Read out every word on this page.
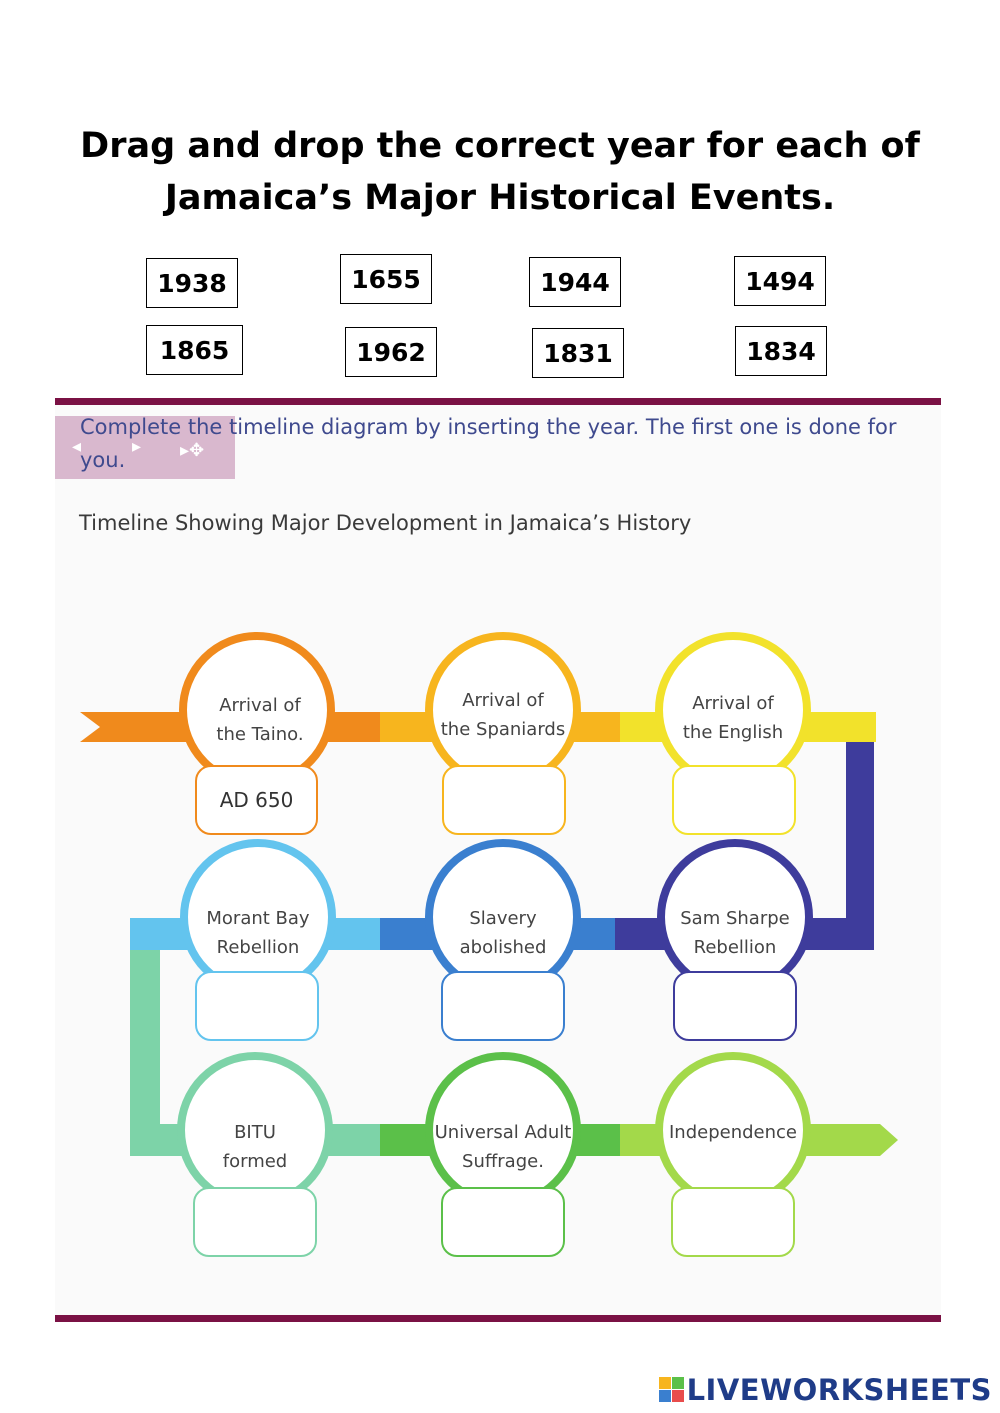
Drag and drop the correct year for each of
Jamaica’s Major Historical Events.
1938	1655	1944	1494
1865	1962	1831	1834

Complete the timeline diagram by inserting the year. The first one is done for you.

◂	▸ ▸✥

Timeline Showing Major Development in Jamaica’s History

Arrival of
the Taino.
Arrival of
the Spaniards
Arrival of
the English
Morant Bay
Rebellion
Slavery
abolished
Sam Sharpe
Rebellion
BITU
formed
Universal Adult
Suffrage.
Independence
AD 650
LIVEWORKSHEETS
